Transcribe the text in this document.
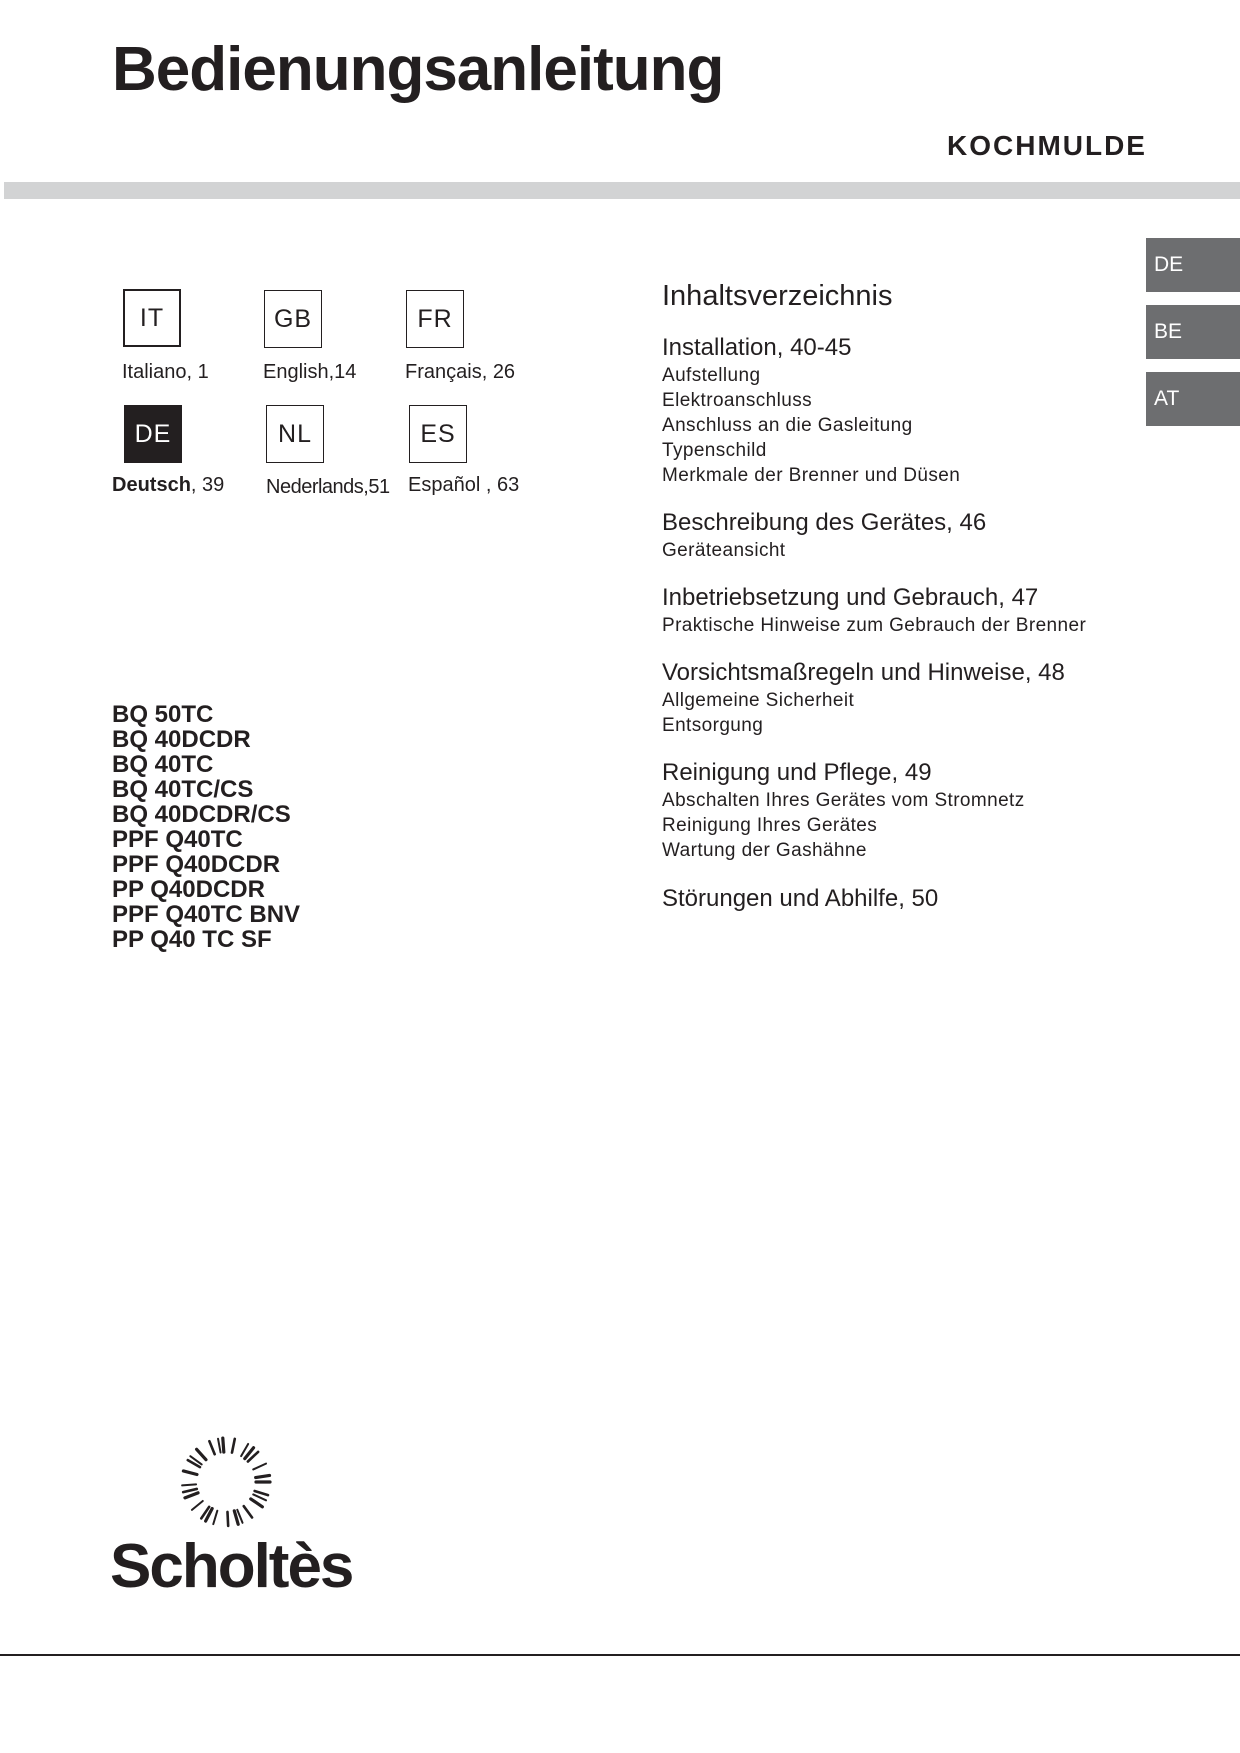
Bedienungsanleitung
KOCHMULDE
DE
BE
AT
IT
Italiano, 1
GB
English,14
FR
Français, 26
DE
Deutsch, 39
NL
Nederlands,51
ES
Español , 63
Inhaltsverzeichnis
Installation, 40-45
Aufstellung
Elektroanschluss
Anschluss an die Gasleitung
Typenschild
Merkmale der Brenner und Düsen
Beschreibung des Gerätes, 46
Geräteansicht
Inbetriebsetzung und Gebrauch, 47
Praktische Hinweise zum Gebrauch der Brenner
Vorsichtsmaßregeln und Hinweise, 48
Allgemeine Sicherheit
Entsorgung
Reinigung und Pflege, 49
Abschalten Ihres Gerätes vom Stromnetz
Reinigung Ihres Gerätes
Wartung der Gashähne
Störungen und Abhilfe, 50
BQ 50TC
BQ 40DCDR
BQ 40TC
BQ 40TC/CS
BQ 40DCDR/CS
PPF Q40TC
PPF Q40DCDR
PP Q40DCDR
PPF Q40TC BNV
PP Q40 TC SF
Scholtès
